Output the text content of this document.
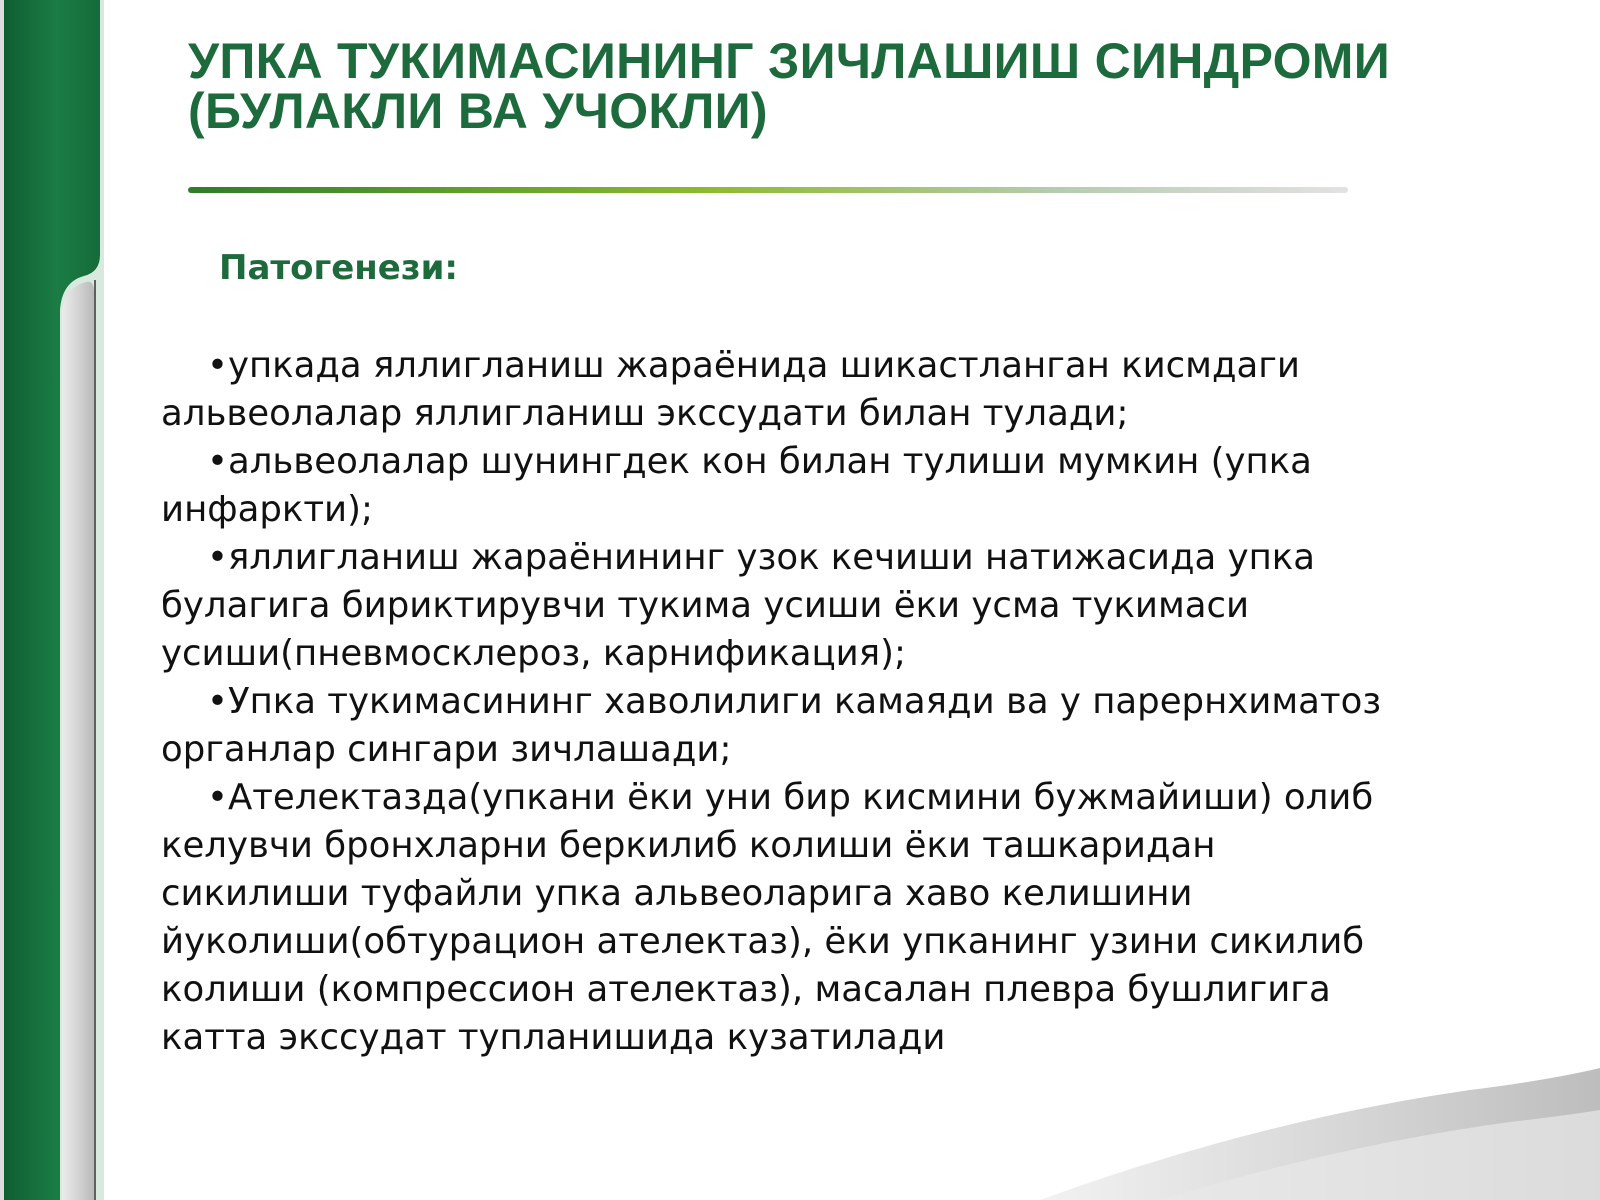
УПКА ТУКИМАСИНИНГ ЗИЧЛАШИШ СИНДРОМИ
(БУЛАКЛИ ВА УЧОКЛИ)
Патогенези:
•упкада яллигланиш жараёнида шикастланган кисмдаги
альвеолалар яллигланиш экссудати билан тулади;
•альвеолалар шунингдек кон билан тулиши мумкин (упка
инфаркти);
•яллигланиш жараёнининг узок кечиши натижасида упка
булагига бириктирувчи тукима усиши ёки усма тукимаси
усиши(пневмосклероз, карнификация);
•Упка тукимасининг хаволилиги камаяди ва у парернхиматоз
органлар сингари зичлашади;
•Ателектазда(упкани ёки уни бир кисмини бужмайиши) олиб
келувчи бронхларни беркилиб колиши ёки ташкаридан
сикилиши туфайли упка альвеоларига хаво келишини
йуколиши(обтурацион ателектаз), ёки упканинг узини сикилиб
колиши (компрессион ателектаз), масалан плевра бушлигига
катта экссудат тупланишида кузатилади
